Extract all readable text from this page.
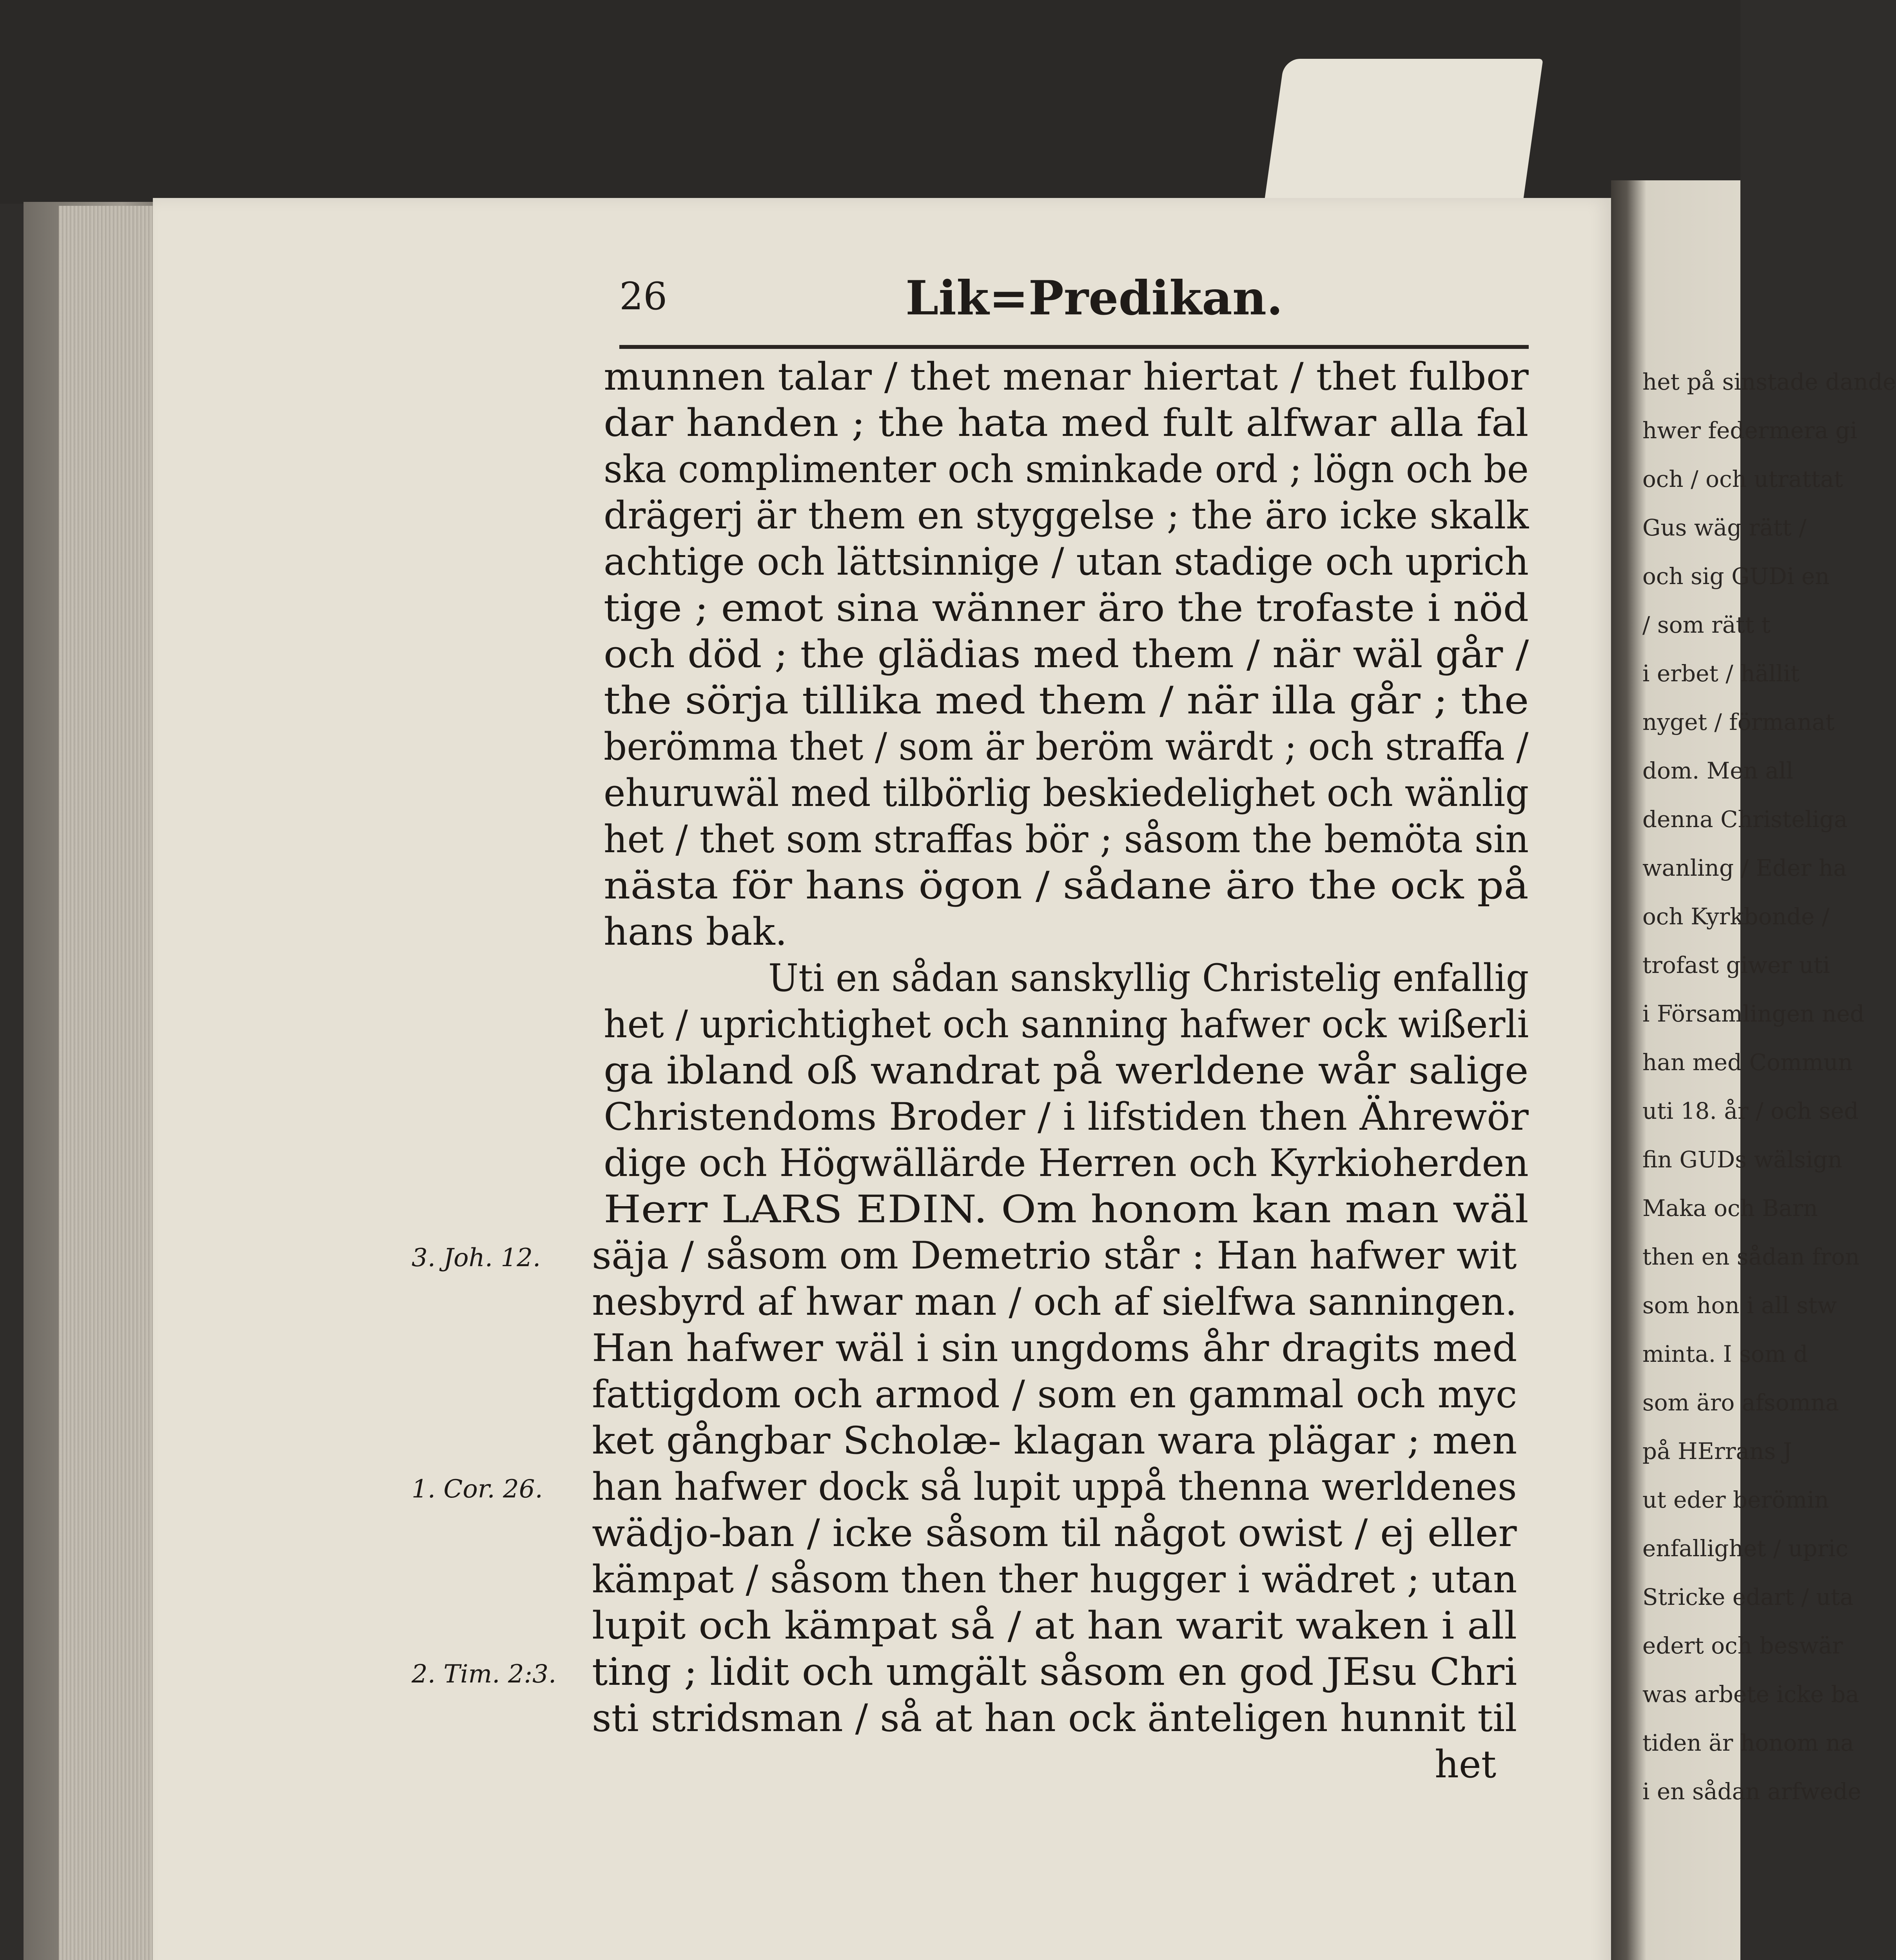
het på sinstade dande
hwer federmera gi
och / och utrattat
Gus wäg rätt /
och sig GUDi en
/ som rätt t
i erbet / hällit
nyget / förmanat
dom. Men all
denna Christeliga
wanling / Eder ha
och Kyrkbonde /
trofast giwer uti
i Församlingen ned
han med Commun
uti 18. år / och sed
fin GUDs wälsign
Maka och Barn
then en sådan fron
som hon i all stw
minta. I som d
som äro afsomna
på HErrans J
ut eder berömin
enfallighet / upric
Stricke edart / uta
edert och beswär
was arbete icke ba
tiden är honom na
i en sådan arfwede
26	Lik=Predikan.
munnen talar / thet menar hiertat / thet fulbor
dar handen ; the hata med fult alfwar alla fal
ska complimenter och sminkade ord ; lögn och be
drägerj är them en styggelse ; the äro icke skalk
achtige och lättsinnige / utan stadige och uprich
tige ; emot sina wänner äro the trofaste i nöd
och död ; the glädias med them / när wäl går /
the sörja tillika med them / när illa går ; the
berömma thet / som är beröm wärdt ; och straffa /
ehuruwäl med tilbörlig beskiedelighet och wänlig
het / thet som straffas bör ; såsom the bemöta sin
nästa för hans ögon / sådane äro the ock på
hans bak.
Uti en sådan sanskyllig Christelig enfallig
het / uprichtighet och sanning hafwer ock wißerli
ga ibland oß wandrat på werldene wår salige
Christendoms Broder / i lifstiden then Ährewör
dige och Högwällärde Herren och Kyrkioherden
Herr LARS EDIN. Om honom kan man wäl
säja / såsom om Demetrio står : Han hafwer wit
nesbyrd af hwar man / och af sielfwa sanningen.
Han hafwer wäl i sin ungdoms åhr dragits med
fattigdom och armod / som en gammal och myc
ket gångbar Scholæ- klagan wara plägar ; men
han hafwer dock så lupit uppå thenna werldenes
wädjo-ban / icke såsom til något owist / ej eller
kämpat / såsom then ther hugger i wädret ; utan
lupit och kämpat så / at han warit waken i all
ting ; lidit och umgält såsom en god JEsu Chri
sti stridsman / så at han ock änteligen hunnit til
het
3. Joh. 12.
1. Cor. 26.
2. Tim. 2:3.
